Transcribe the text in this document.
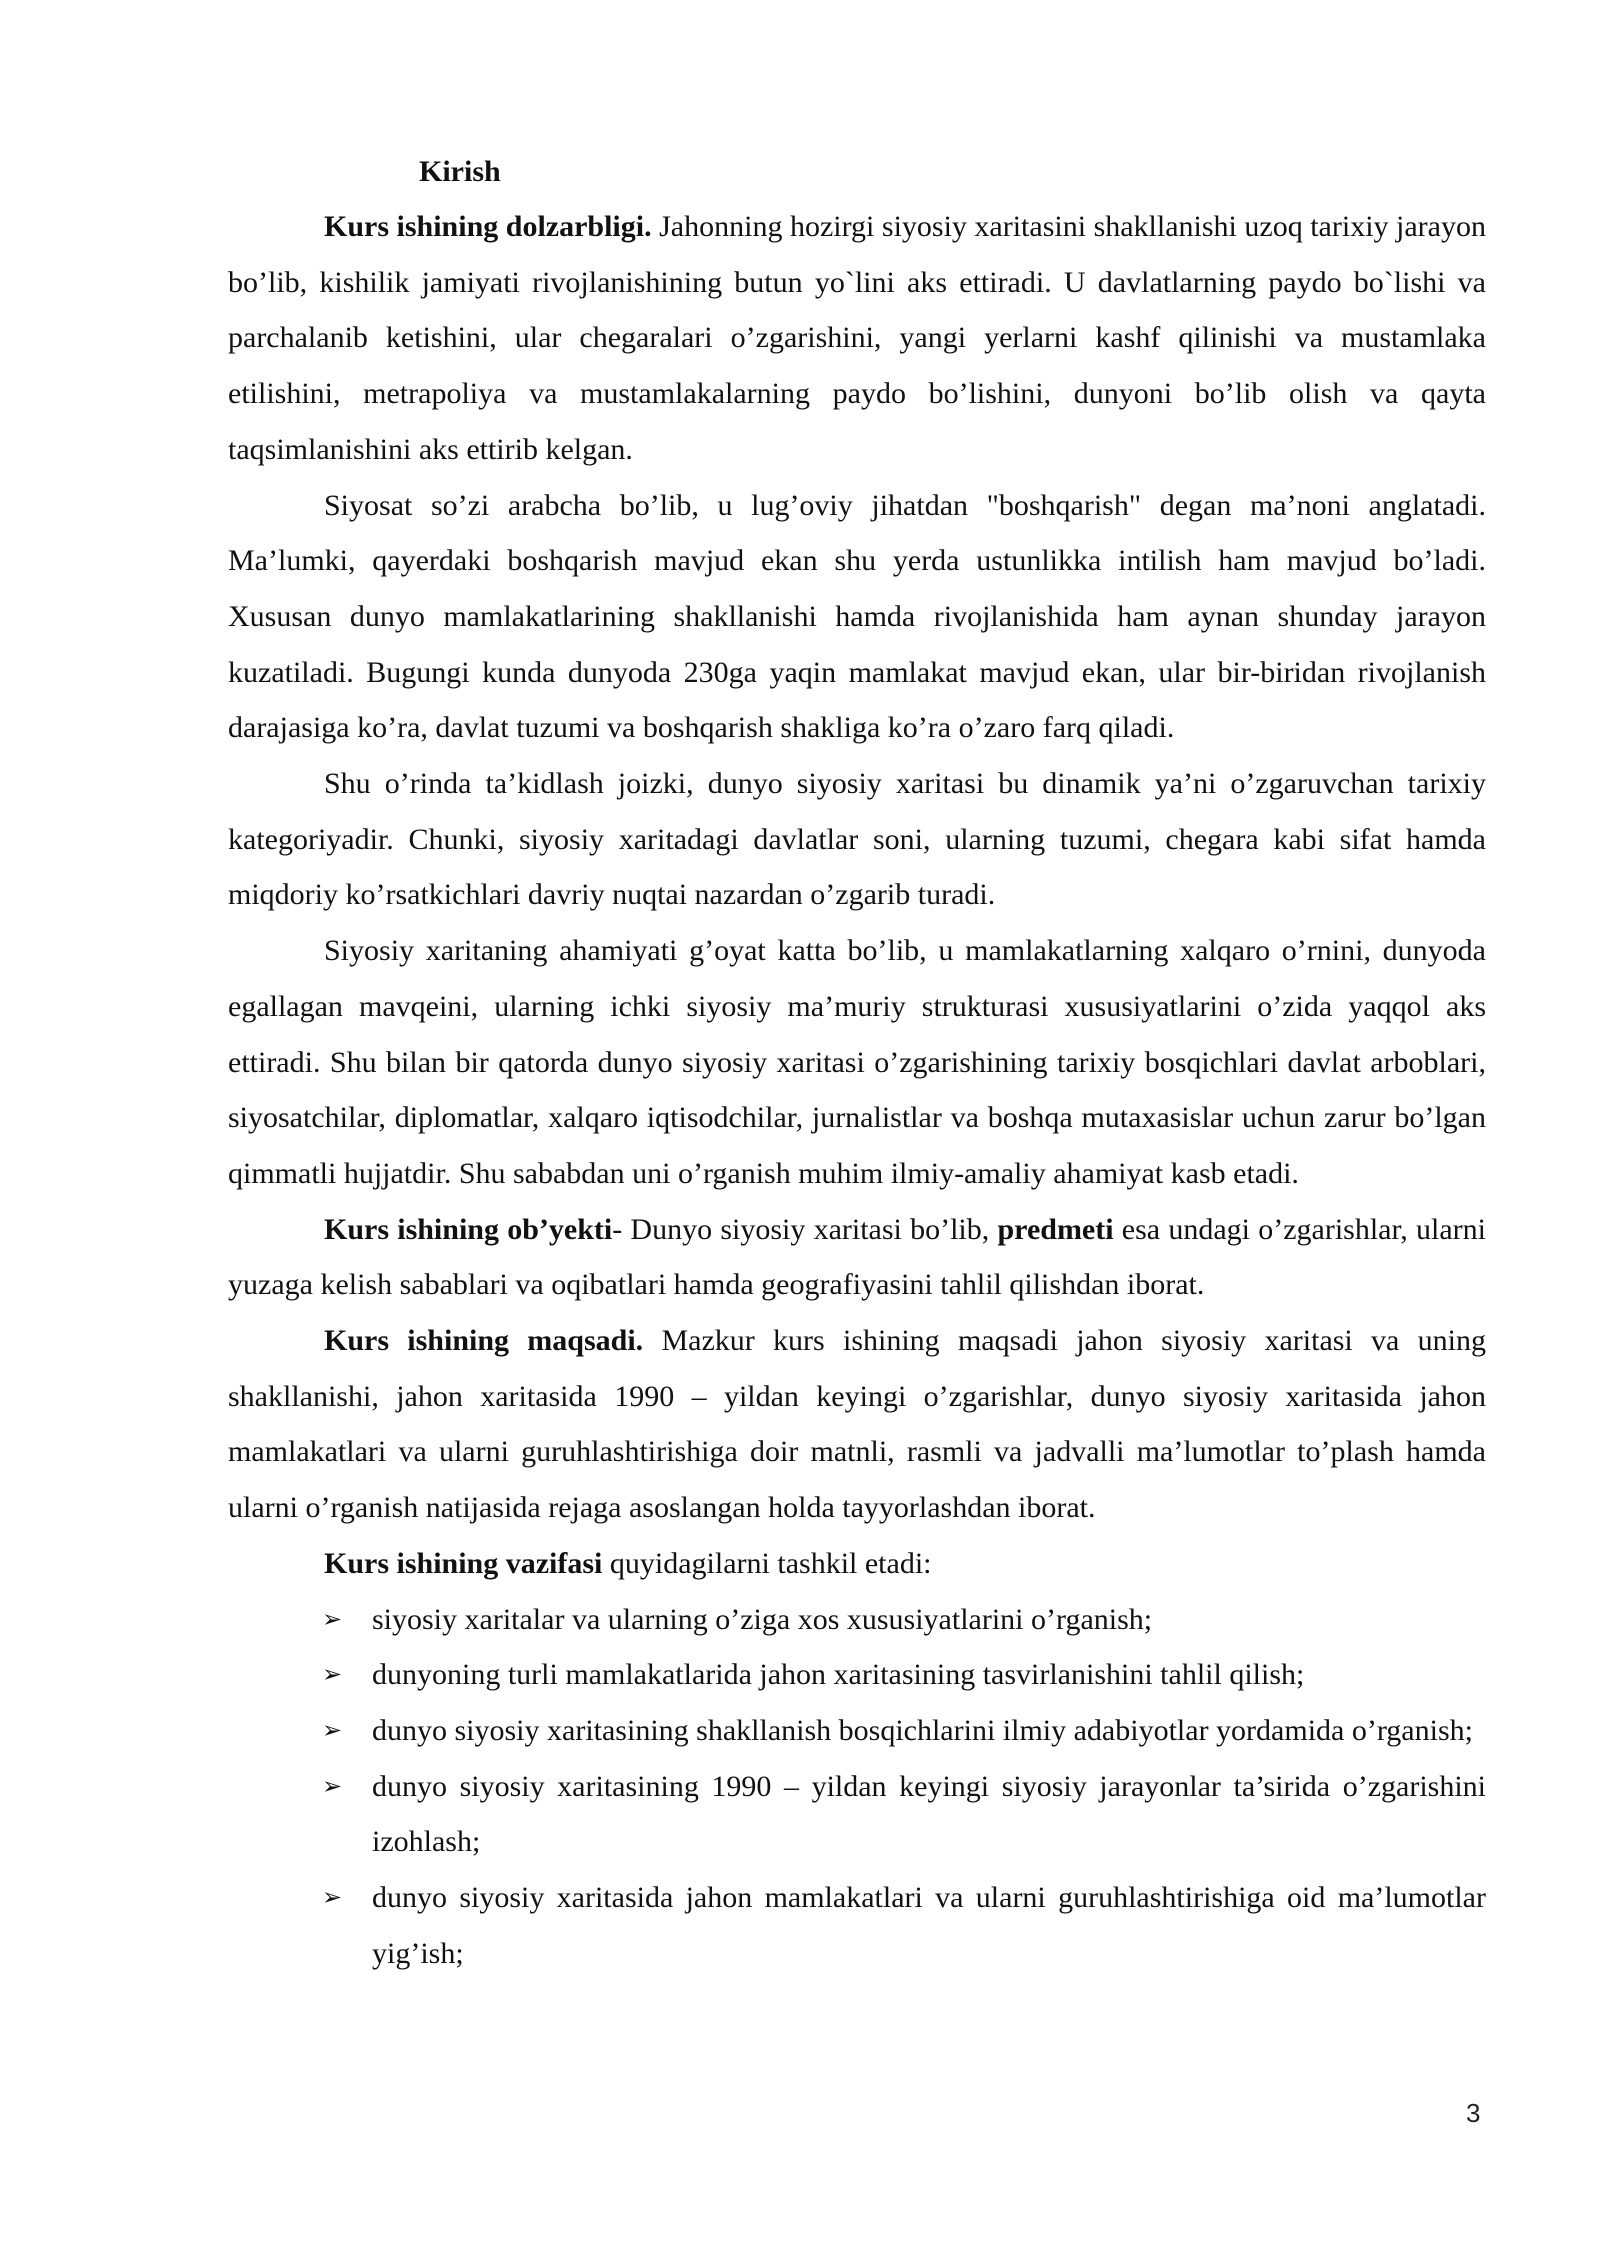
Kirish

Kurs ishining dolzarbligi. Jahonning hozirgi siyosiy xaritasini shakllanishi uzoq tarixiy jarayon bo’lib, kishilik jamiyati rivojlanishining butun yo`lini aks ettiradi. U davlatlarning paydo bo`lishi va parchalanib ketishini, ular chegaralari o’zgarishini, yangi yerlarni kashf qilinishi va mustamlaka etilishini, metrapoliya va mustamlakalarning paydo bo’lishini, dunyoni bo’lib olish va qayta taqsimlanishini aks ettirib kelgan.

Siyosat so’zi arabcha bo’lib, u lug’oviy jihatdan "boshqarish" degan ma’noni anglatadi. Ma’lumki, qayerdaki boshqarish mavjud ekan shu yerda ustunlikka intilish ham mavjud bo’ladi. Xususan dunyo mamlakatlarining shakllanishi hamda rivojlanishida ham aynan shunday jarayon kuzatiladi. Bugungi kunda dunyoda 230ga yaqin mamlakat mavjud ekan, ular bir-biridan rivojlanish darajasiga ko’ra, davlat tuzumi va boshqarish shakliga ko’ra o’zaro farq qiladi.

Shu o’rinda ta’kidlash joizki, dunyo siyosiy xaritasi bu dinamik ya’ni o’zgaruvchan tarixiy kategoriyadir. Chunki, siyosiy xaritadagi davlatlar soni, ularning tuzumi, chegara kabi sifat hamda miqdoriy ko’rsatkichlari davriy nuqtai nazardan o’zgarib turadi.

Siyosiy xaritaning ahamiyati g’oyat katta bo’lib, u mamlakatlarning xalqaro o’rnini, dunyoda egallagan mavqeini, ularning ichki siyosiy ma’muriy strukturasi xususiyatlarini o’zida yaqqol aks ettiradi. Shu bilan bir qatorda dunyo siyosiy xaritasi o’zgarishining tarixiy bosqichlari davlat arboblari, siyosatchilar, diplomatlar, xalqaro iqtisodchilar, jurnalistlar va boshqa mutaxasislar uchun zarur bo’lgan qimmatli hujjatdir. Shu sababdan uni o’rganish muhim ilmiy-amaliy ahamiyat kasb etadi.

Kurs ishining ob’yekti- Dunyo siyosiy xaritasi bo’lib, predmeti esa undagi o’zgarishlar, ularni yuzaga kelish sabablari va oqibatlari hamda geografiyasini tahlil qilishdan iborat.

Kurs ishining maqsadi. Mazkur kurs ishining maqsadi jahon siyosiy xaritasi va uning shakllanishi, jahon xaritasida 1990 – yildan keyingi o’zgarishlar, dunyo siyosiy xaritasida jahon mamlakatlari va ularni guruhlashtirishiga doir matnli, rasmli va jadvalli ma’lumotlar to’plash hamda ularni o’rganish natijasida rejaga asoslangan holda tayyorlashdan iborat.

Kurs ishining vazifasi quyidagilarni tashkil etadi:

➢ siyosiy xaritalar va ularning o’ziga xos xususiyatlarini o’rganish;
➢ dunyoning turli mamlakatlarida jahon xaritasining tasvirlanishini tahlil qilish;
➢ dunyo siyosiy xaritasining shakllanish bosqichlarini ilmiy adabiyotlar yordamida o’rganish;
➢ dunyo siyosiy xaritasining 1990 – yildan keyingi siyosiy jarayonlar ta’sirida o’zgarishini izohlash;
➢ dunyo siyosiy xaritasida jahon mamlakatlari va ularni guruhlashtirishiga oid ma’lumotlar yig’ish;
3
